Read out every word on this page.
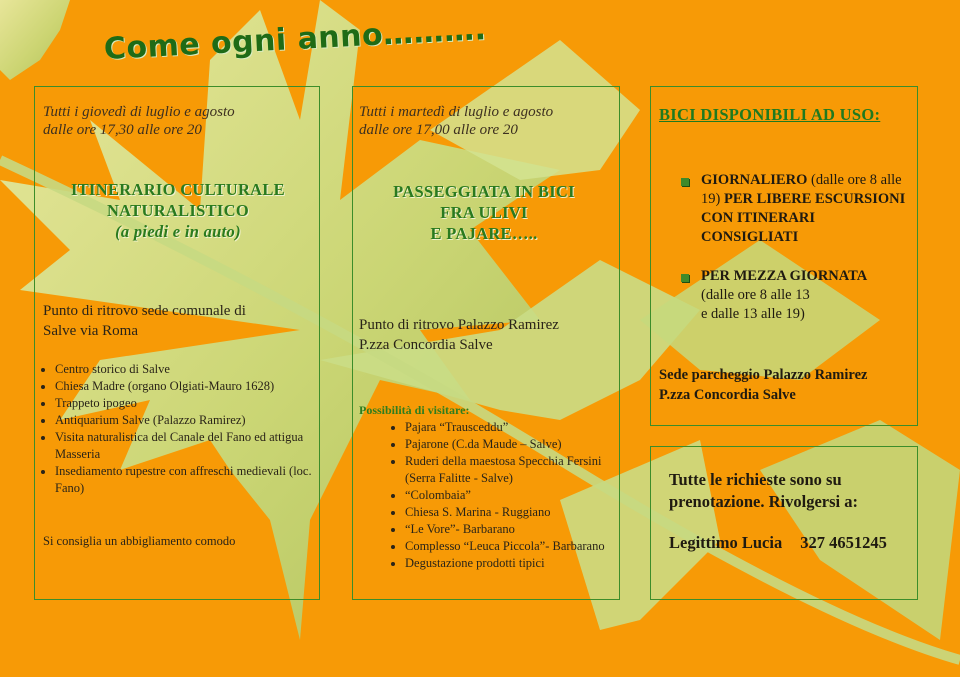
Come ogni anno……….
Tutti i giovedì di luglio e agosto
dalle ore 17,30 alle ore 20
ITINERARIO CULTURALE
NATURALISTICO
(a piedi e in auto)
Punto di ritrovo sede comunale di
Salve via Roma
• Centro storico di Salve
• Chiesa Madre (organo Olgiati-Mauro 1628)
• Trappeto ipogeo
• Antiquarium Salve (Palazzo Ramirez)
• Visita naturalistica del Canale del Fano ed attigua Masseria
• Insediamento rupestre con affreschi medievali (loc. Fano)
Si consiglia un abbigliamento comodo
Tutti i martedì di luglio e agosto
dalle ore 17,00 alle ore 20
PASSEGGIATA IN BICI
FRA ULIVI
E PAJARE…..
Punto di ritrovo Palazzo Ramirez
P.zza Concordia Salve
Possibilità di visitare:
• Pajara “Trausceddu”
• Pajarone (C.da Maude – Salve)
• Ruderi della maestosa Specchia Fersini (Serra Falitte - Salve)
• “Colombaia”
• Chiesa S. Marina - Ruggiano
• “Le Vore”- Barbarano
• Complesso “Leuca Piccola”- Barbarano
• Degustazione prodotti tipici
BICI DISPONIBILI AD USO:
GIORNALIERO (dalle ore 8 alle 19) PER LIBERE ESCURSIONI CON ITINERARI CONSIGLIATI
PER MEZZA GIORNATA
(dalle ore 8 alle 13
e dalle 13 alle 19)
Sede parcheggio Palazzo Ramirez
P.zza Concordia Salve
Tutte le richieste sono su
prenotazione. Rivolgersi a:
Legittimo Lucia 327 4651245
